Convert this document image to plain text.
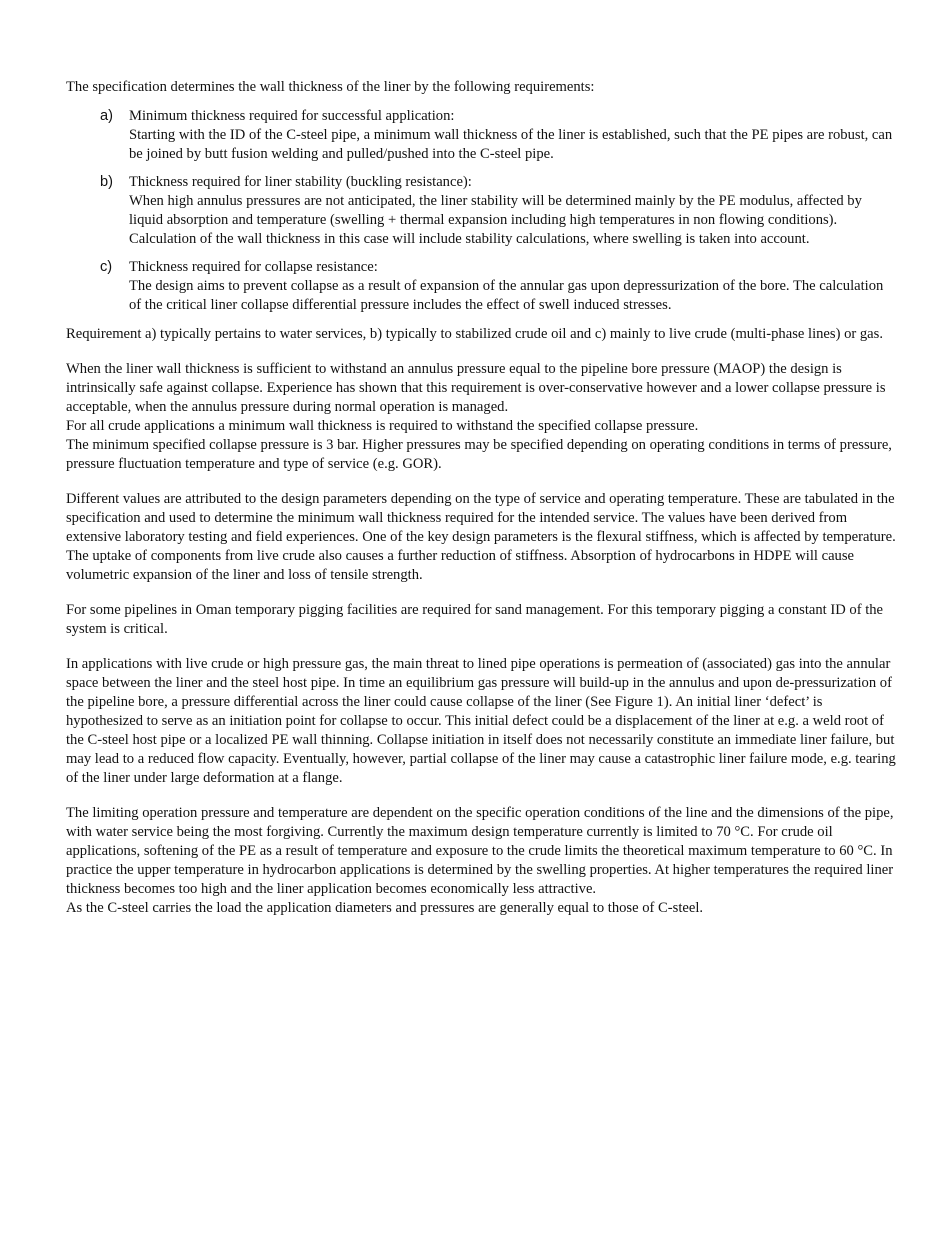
The specification determines the wall thickness of the liner by the following requirements:

a) Minimum thickness required for successful application:
Starting with the ID of the C-steel pipe, a minimum wall thickness of the liner is established, such that the PE pipes are robust, can be joined by butt fusion welding and pulled/pushed into the C-steel pipe.
b) Thickness required for liner stability (buckling resistance):
When high annulus pressures are not anticipated, the liner stability will be determined mainly by the PE modulus, affected by liquid absorption and temperature (swelling + thermal expansion including high temperatures in non flowing conditions). Calculation of the wall thickness in this case will include stability calculations, where swelling is taken into account.
c) Thickness required for collapse resistance:
The design aims to prevent collapse as a result of expansion of the annular gas upon depressurization of the bore. The calculation of the critical liner collapse differential pressure includes the effect of swell induced stresses.

Requirement a) typically pertains to water services, b) typically to stabilized crude oil and c) mainly to live crude (multi-phase lines) or gas.

When the liner wall thickness is sufficient to withstand an annulus pressure equal to the pipeline bore pressure (MAOP) the design is intrinsically safe against collapse. Experience has shown that this requirement is over-conservative however and a lower collapse pressure is acceptable, when the annulus pressure during normal operation is managed.
For all crude applications a minimum wall thickness is required to withstand the specified collapse pressure.
The minimum specified collapse pressure is 3 bar. Higher pressures may be specified depending on operating conditions in terms of pressure, pressure fluctuation temperature and type of service (e.g. GOR).

Different values are attributed to the design parameters depending on the type of service and operating temperature. These are tabulated in the specification and used to determine the minimum wall thickness required for the intended service. The values have been derived from extensive laboratory testing and field experiences. One of the key design parameters is the flexural stiffness, which is affected by temperature. The uptake of components from live crude also causes a further reduction of stiffness. Absorption of hydrocarbons in HDPE will cause volumetric expansion of the liner and loss of tensile strength.

For some pipelines in Oman temporary pigging facilities are required for sand management. For this temporary pigging a constant ID of the system is critical.

In applications with live crude or high pressure gas, the main threat to lined pipe operations is permeation of (associated) gas into the annular space between the liner and the steel host pipe. In time an equilibrium gas pressure will build-up in the annulus and upon de-pressurization of the pipeline bore, a pressure differential across the liner could cause collapse of the liner (See Figure 1). An initial liner ‘defect’ is hypothesized to serve as an initiation point for collapse to occur. This initial defect could be a displacement of the liner at e.g. a weld root of the C-steel host pipe or a localized PE wall thinning. Collapse initiation in itself does not necessarily constitute an immediate liner failure, but may lead to a reduced flow capacity. Eventually, however, partial collapse of the liner may cause a catastrophic liner failure mode, e.g. tearing of the liner under large deformation at a flange.

The limiting operation pressure and temperature are dependent on the specific operation conditions of the line and the dimensions of the pipe, with water service being the most forgiving. Currently the maximum design temperature currently is limited to 70 °C. For crude oil applications, softening of the PE as a result of temperature and exposure to the crude limits the theoretical maximum temperature to 60 °C. In practice the upper temperature in hydrocarbon applications is determined by the swelling properties. At higher temperatures the required liner thickness becomes too high and the liner application becomes economically less attractive.
As the C-steel carries the load the application diameters and pressures are generally equal to those of C-steel.
